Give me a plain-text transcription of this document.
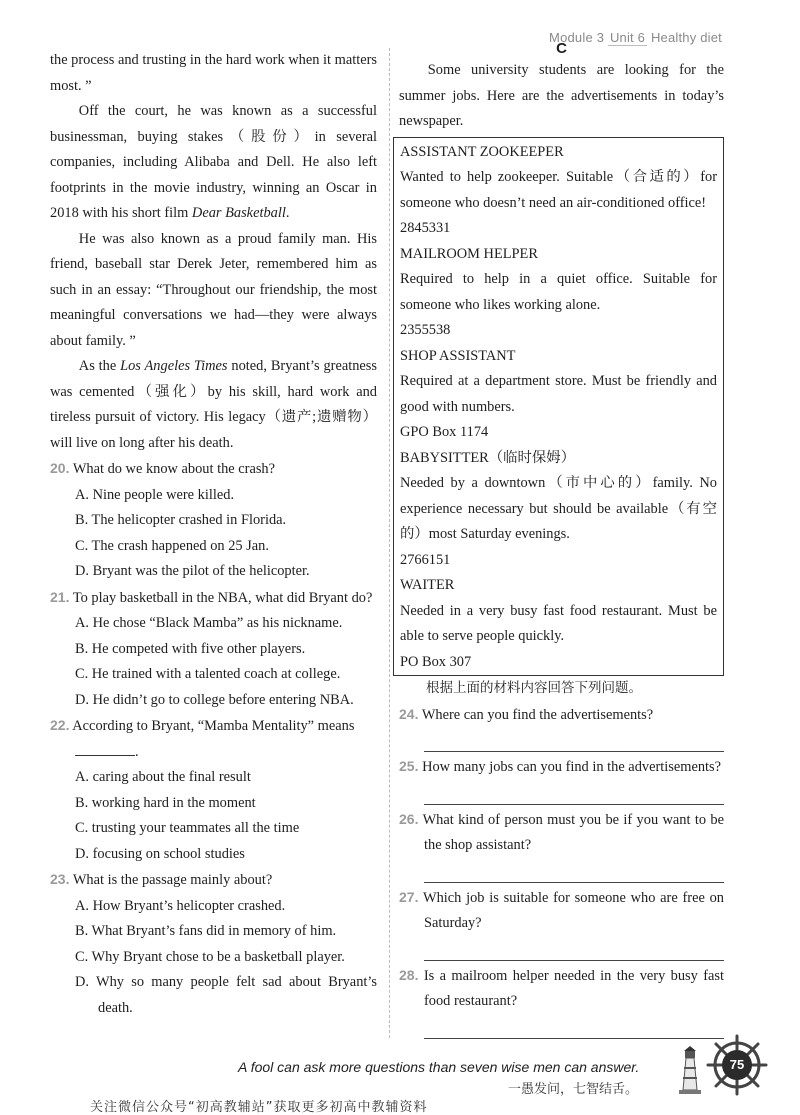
Module 3 Unit 6 Healthy diet

the process and trusting in the hard work when it matters most. ”

Off the court, he was known as a successful businessman, buying stakes（股份）in several companies, including Alibaba and Dell. He also left footprints in the movie industry, winning an Oscar in 2018 with his short film Dear Basketball.

He was also known as a proud family man. His friend, baseball star Derek Jeter, remembered him as such in an essay: “Throughout our friendship, the most meaningful conversations we had—they were always about family. ”

As the Los Angeles Times noted, Bryant’s greatness was cemented（强化）by his skill, hard work and tireless pursuit of victory. His legacy（遗产;遗赠物）will live on long after his death.

20. What do we know about the crash?

A. Nine people were killed.

B. The helicopter crashed in Florida.

C. The crash happened on 25 Jan.

D. Bryant was the pilot of the helicopter.

21. To play basketball in the NBA, what did Bryant do?

A. He chose “Black Mamba” as his nickname.

B. He competed with five other players.

C. He trained with a talented coach at college.

D. He didn’t go to college before entering NBA.

22. According to Bryant, “Mamba Mentality” means

.

A. caring about the final result

B. working hard in the moment

C. trusting your teammates all the time

D. focusing on school studies

23. What is the passage mainly about?

A. How Bryant’s helicopter crashed.

B. What Bryant’s fans did in memory of him.

C. Why Bryant chose to be a basketball player.

D. Why so many people felt sad about Bryant’s death.

C

Some university students are looking for the summer jobs. Here are the advertisements in today’s newspaper.

ASSISTANT ZOOKEEPER

Wanted to help zookeeper. Suitable（合适的）for someone who doesn’t need an air-conditioned office!

2845331

MAILROOM HELPER

Required to help in a quiet office. Suitable for someone who likes working alone.

2355538

SHOP ASSISTANT

Required at a department store. Must be friendly and good with numbers.

GPO Box 1174

BABYSITTER（临时保姆）

Needed by a downtown（市中心的）family. No experience necessary but should be available（有空的）most Saturday evenings.

2766151

WAITER

Needed in a very busy fast food restaurant. Must be able to serve people quickly.

PO Box 307

根据上面的材料内容回答下列问题。

24. Where can you find the advertisements?

25. How many jobs can you find in the advertisements?

26. What kind of person must you be if you want to be the shop assistant?

27. Which job is suitable for someone who are free on Saturday?

28. Is a mailroom helper needed in the very busy fast food restaurant?

A fool can ask more questions than seven wise men can answer.
一愚发问，七智结舌。
75
关注微信公众号“初高教辅站”获取更多初高中教辅资料
